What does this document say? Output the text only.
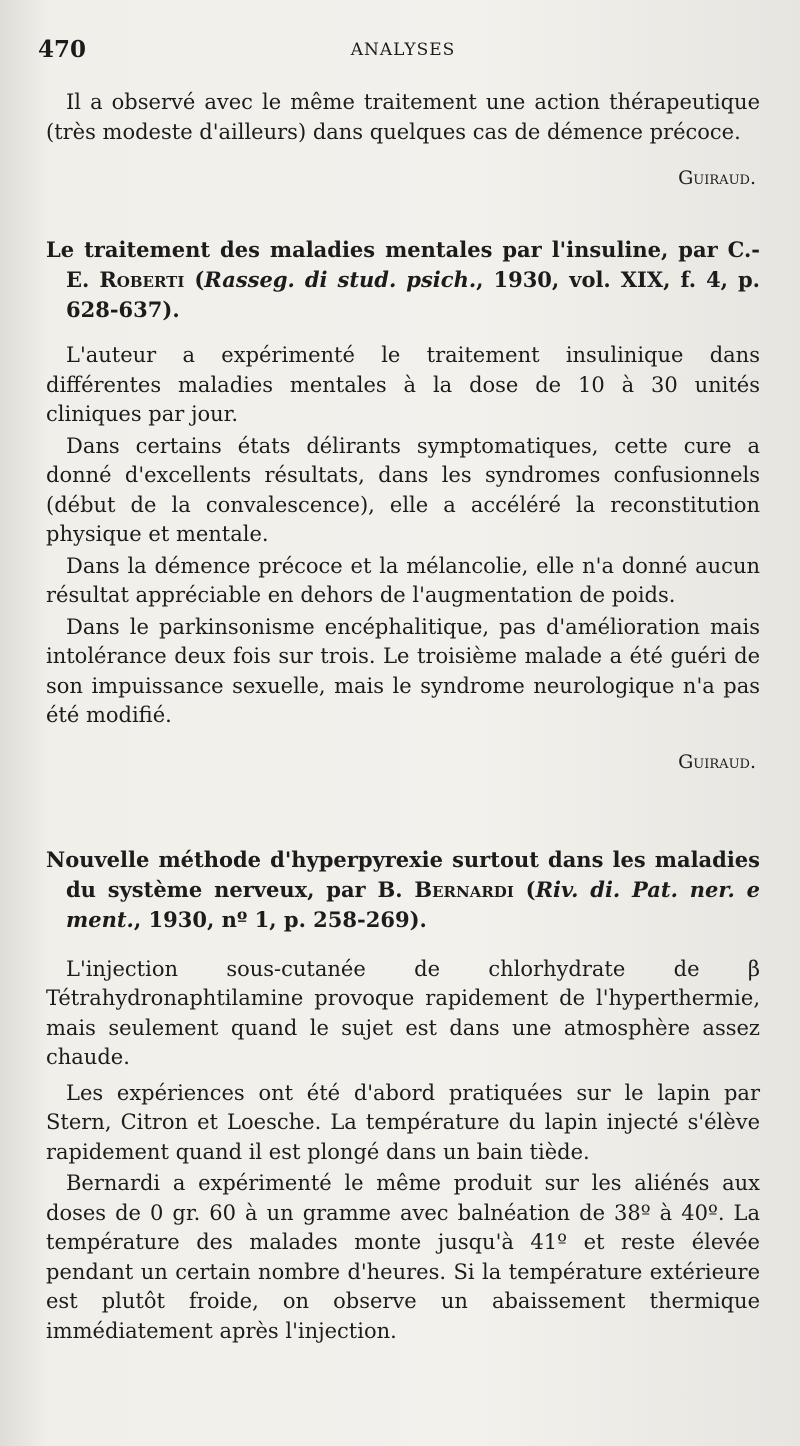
470	ANALYSES

Il a observé avec le même traitement une action thérapeutique (très modeste d'ailleurs) dans quelques cas de démence précoce.

Guiraud.
Le traitement des maladies mentales par l'insuline, par C.-E. Roberti (Rasseg. di stud. psich., 1930, vol. XIX, f. 4, p. 628-637).

L'auteur a expérimenté le traitement insulinique dans différentes maladies mentales à la dose de 10 à 30 unités cliniques par jour.

Dans certains états délirants symptomatiques, cette cure a donné d'excellents résultats, dans les syndromes confusionnels (début de la convalescence), elle a accéléré la reconstitution physique et mentale.

Dans la démence précoce et la mélancolie, elle n'a donné aucun résultat appréciable en dehors de l'augmentation de poids.

Dans le parkinsonisme encéphalitique, pas d'amélioration mais intolérance deux fois sur trois. Le troisième malade a été guéri de son impuissance sexuelle, mais le syndrome neurologique n'a pas été modifié.

Guiraud.
Nouvelle méthode d'hyperpyrexie surtout dans les maladies du système nerveux, par B. Bernardi (Riv. di. Pat. ner. e ment., 1930, nº 1, p. 258-269).

L'injection sous-cutanée de chlorhydrate de β Tétrahydronaphtilamine provoque rapidement de l'hyperthermie, mais seulement quand le sujet est dans une atmosphère assez chaude.

Les expériences ont été d'abord pratiquées sur le lapin par Stern, Citron et Loesche. La température du lapin injecté s'élève rapidement quand il est plongé dans un bain tiède.

Bernardi a expérimenté le même produit sur les aliénés aux doses de 0 gr. 60 à un gramme avec balnéation de 38º à 40º. La température des malades monte jusqu'à 41º et reste élevée pendant un certain nombre d'heures. Si la température extérieure est plutôt froide, on observe un abaissement thermique immédiatement après l'injection.
